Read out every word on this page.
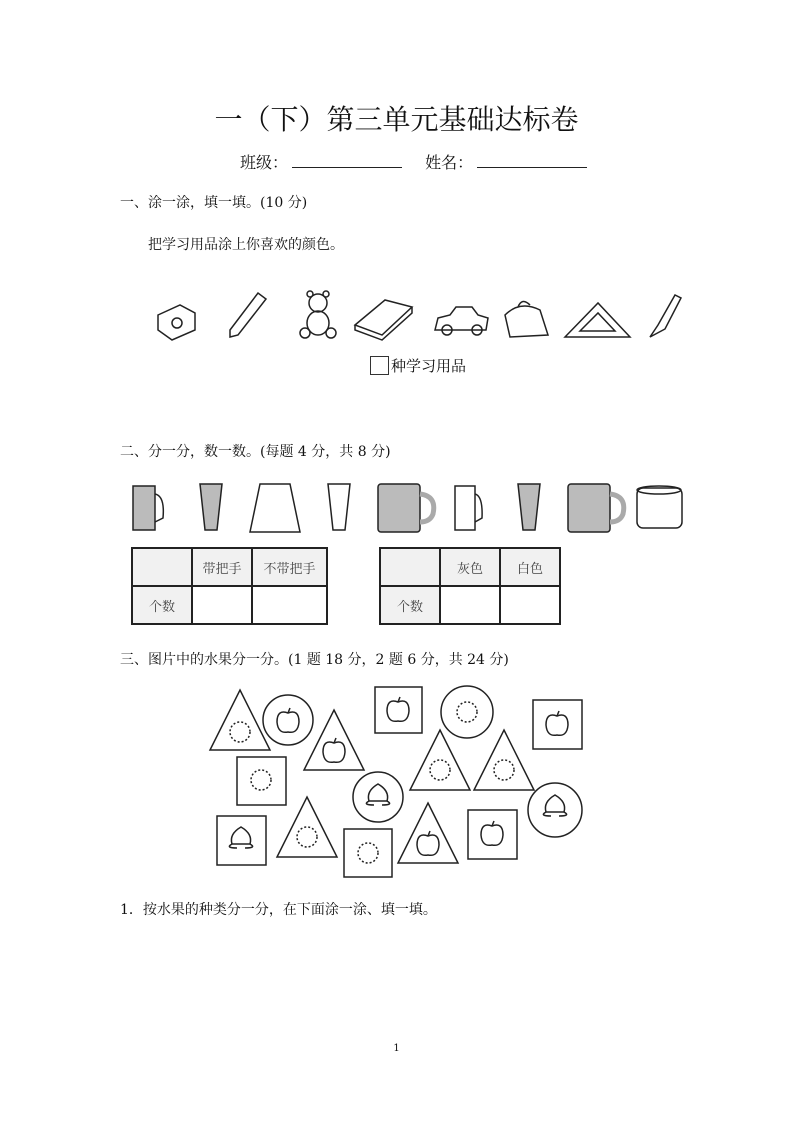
一（下）第三单元基础达标卷
班级：	姓名：
一、涂一涂，填一填。(10 分)
把学习用品涂上你喜欢的颜色。
种学习用品
二、分一分，数一数。(每题 4 分，共 8 分)
	带把手	不带把手
个数		
	灰色	白色
个数		
三、图片中的水果分一分。(1 题 18 分，2 题 6 分，共 24 分)
1．按水果的种类分一分，在下面涂一涂、填一填。
1
